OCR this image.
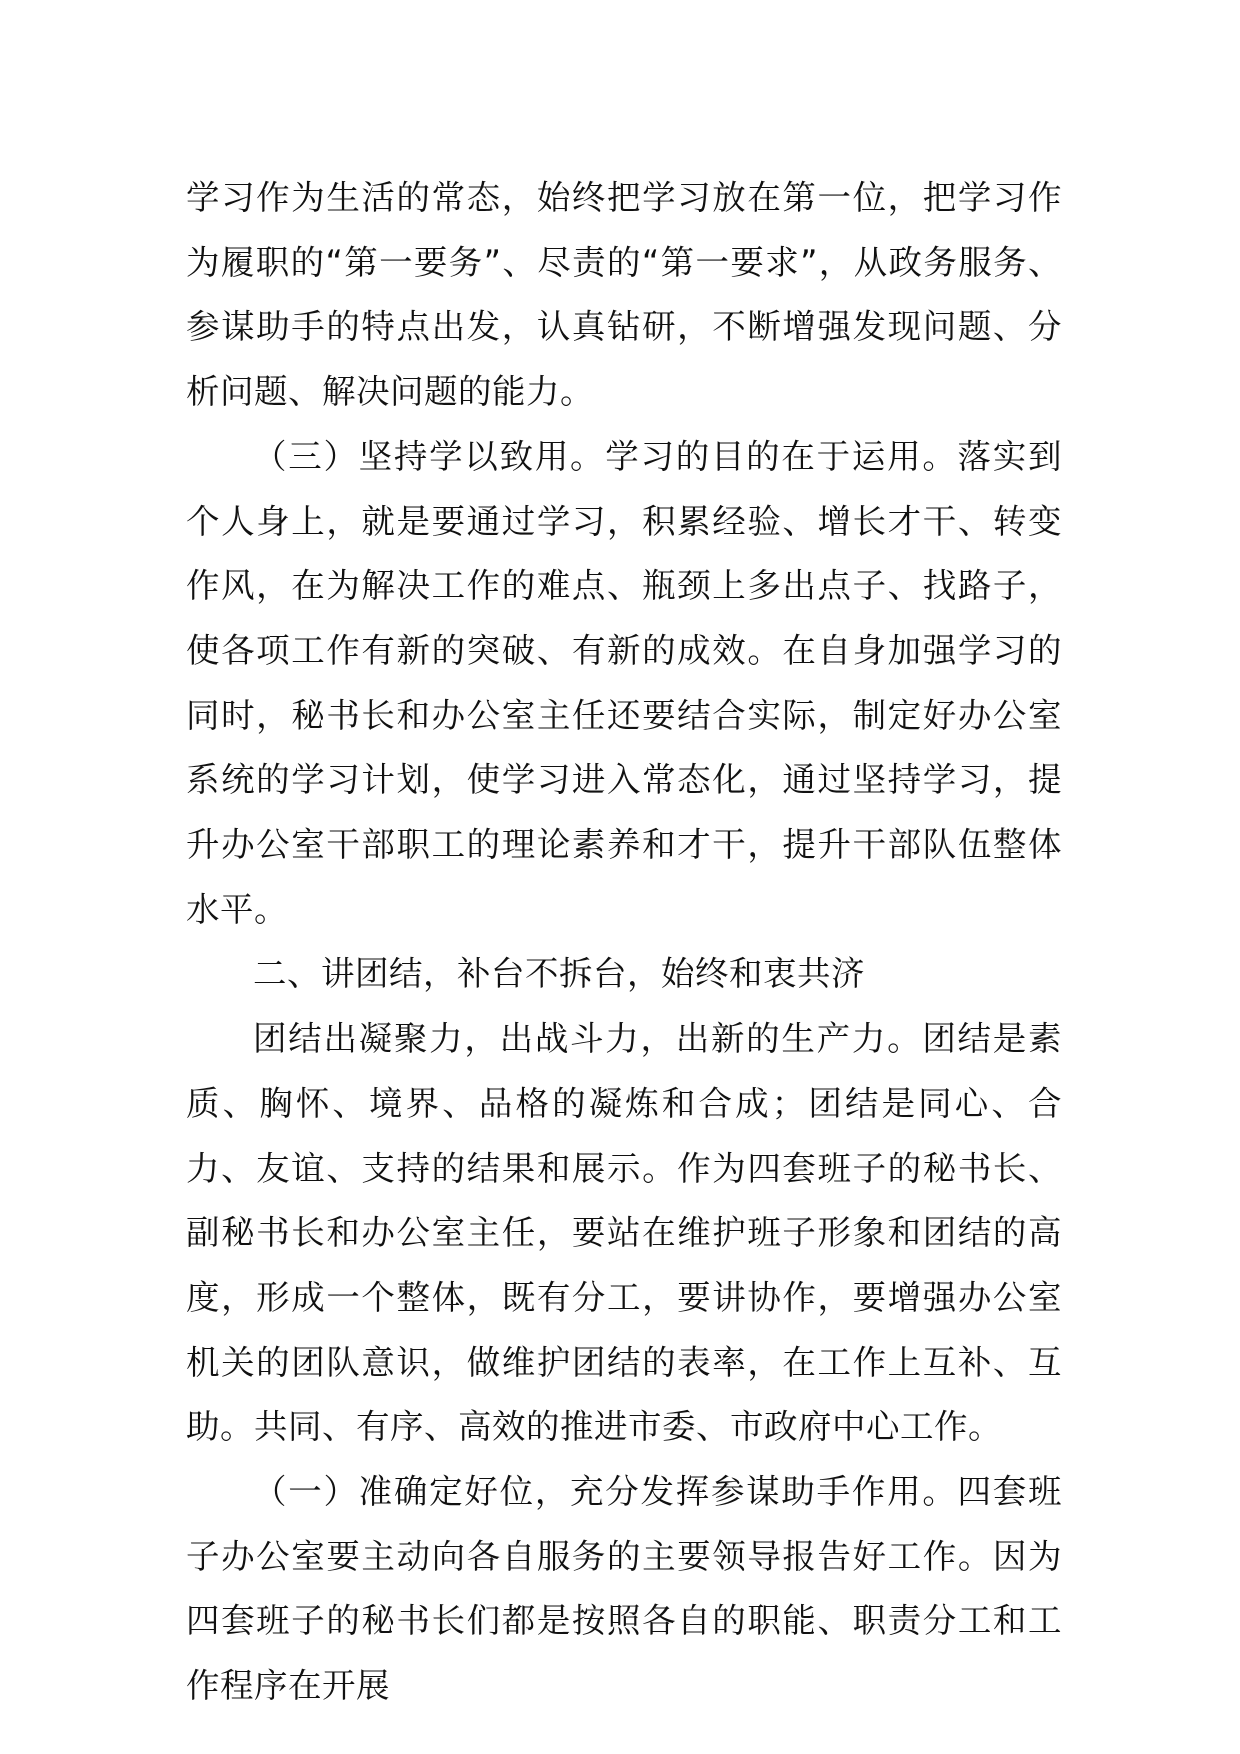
学习作为生活的常态，始终把学习放在第一位，把学习作为履职的“第一要务”、尽责的“第一要求”，从政务服务、参谋助手的特点出发，认真钻研，不断增强发现问题、分析问题、解决问题的能力。

（三）坚持学以致用。学习的目的在于运用。落实到个人身上，就是要通过学习，积累经验、增长才干、转变作风，在为解决工作的难点、瓶颈上多出点子、找路子，使各项工作有新的突破、有新的成效。在自身加强学习的同时，秘书长和办公室主任还要结合实际，制定好办公室系统的学习计划，使学习进入常态化，通过坚持学习，提升办公室干部职工的理论素养和才干，提升干部队伍整体水平。

二、讲团结，补台不拆台，始终和衷共济

团结出凝聚力，出战斗力，出新的生产力。团结是素质、胸怀、境界、品格的凝炼和合成；团结是同心、合力、友谊、支持的结果和展示。作为四套班子的秘书长、副秘书长和办公室主任，要站在维护班子形象和团结的高度，形成一个整体，既有分工，要讲协作，要增强办公室机关的团队意识，做维护团结的表率，在工作上互补、互助。共同、有序、高效的推进市委、市政府中心工作。

（一）准确定好位，充分发挥参谋助手作用。四套班子办公室要主动向各自服务的主要领导报告好工作。因为四套班子的秘书长们都是按照各自的职能、职责分工和工作程序在开展
